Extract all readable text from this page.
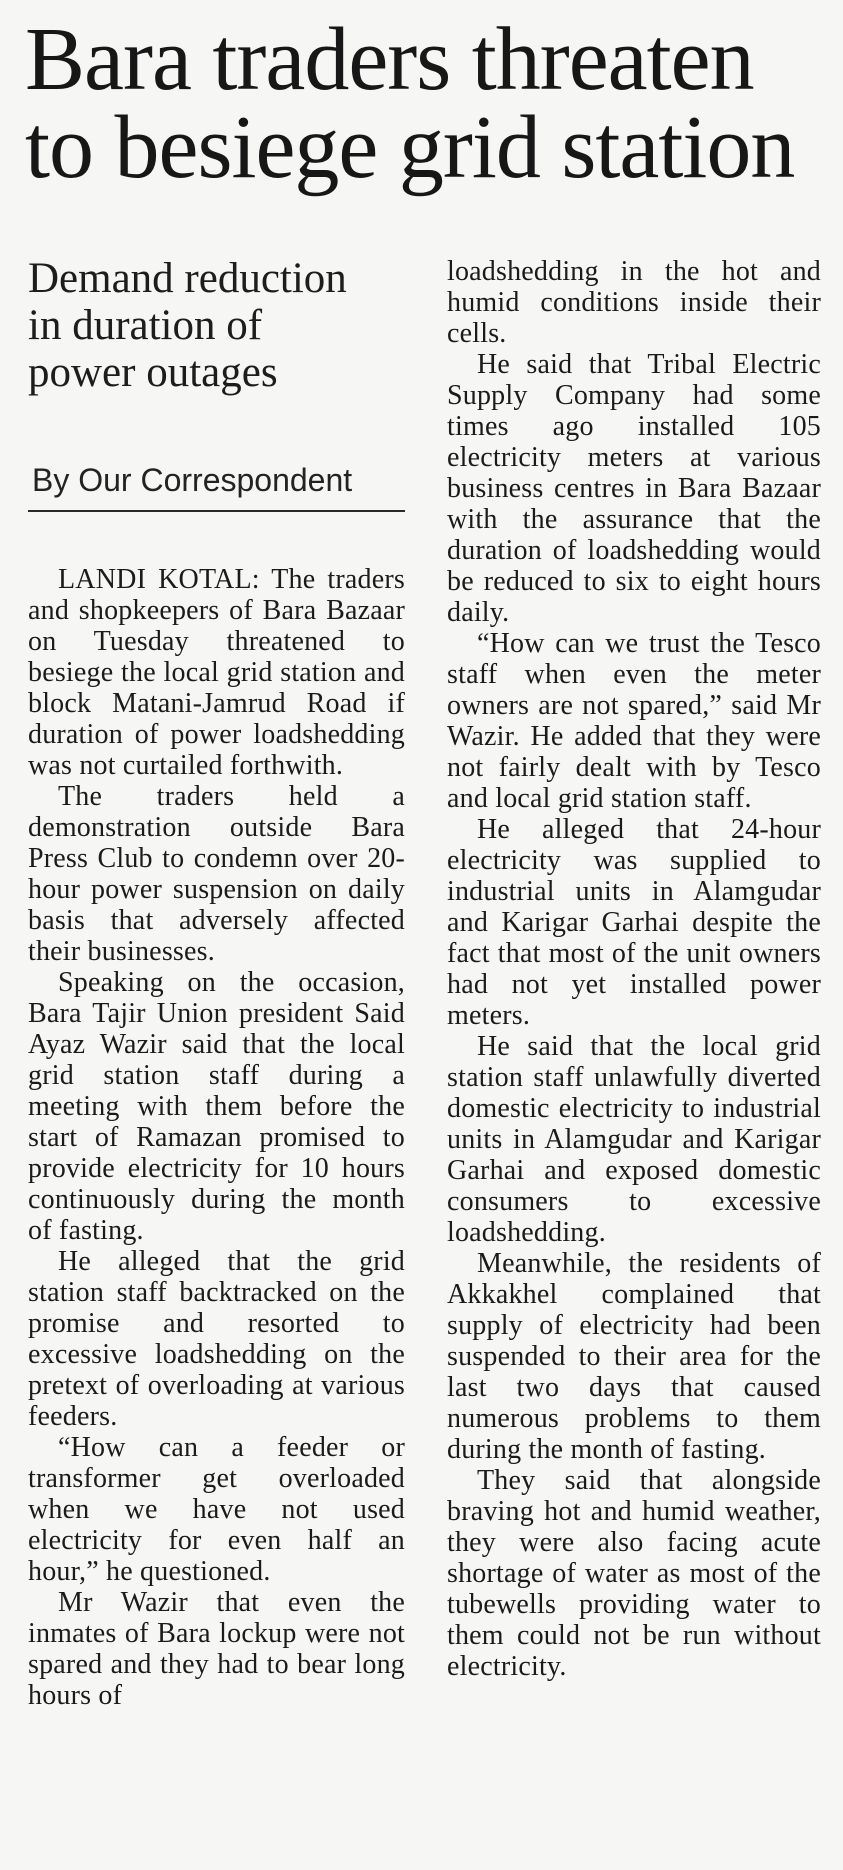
Bara traders threaten to besiege grid station
Demand reduction in duration of power outages
By Our Correspondent

LANDI KOTAL: The traders and shopkeepers of Bara Bazaar on Tuesday threatened to besiege the local grid station and block Matani-Jamrud Road if duration of power loadshedding was not curtailed forthwith.

The traders held a demonstration outside Bara Press Club to condemn over 20-hour power suspension on daily basis that adversely affected their businesses.

Speaking on the occasion, Bara Tajir Union president Said Ayaz Wazir said that the local grid station staff during a meeting with them before the start of Ramazan promised to provide electricity for 10 hours continuously during the month of fasting.

He alleged that the grid station staff backtracked on the promise and resorted to excessive loadshedding on the pretext of overloading at various feeders.

“How can a feeder or transformer get overloaded when we have not used electricity for even half an hour,” he questioned.

Mr Wazir that even the inmates of Bara lockup were not spared and they had to bear long hours of

loadshedding in the hot and humid conditions inside their cells.

He said that Tribal Electric Supply Company had some times ago installed 105 electricity meters at various business centres in Bara Bazaar with the assurance that the duration of loadshedding would be reduced to six to eight hours daily.

“How can we trust the Tesco staff when even the meter owners are not spared,” said Mr Wazir. He added that they were not fairly dealt with by Tesco and local grid station staff.

He alleged that 24-hour electricity was supplied to industrial units in Alamgudar and Karigar Garhai despite the fact that most of the unit owners had not yet installed power meters.

He said that the local grid station staff unlawfully diverted domestic electricity to industrial units in Alamgudar and Karigar Garhai and exposed domestic consumers to excessive loadshedding.

Meanwhile, the residents of Akkakhel complained that supply of electricity had been suspended to their area for the last two days that caused numerous problems to them during the month of fasting.

They said that alongside braving hot and humid weather, they were also facing acute shortage of water as most of the tubewells providing water to them could not be run without electricity.
